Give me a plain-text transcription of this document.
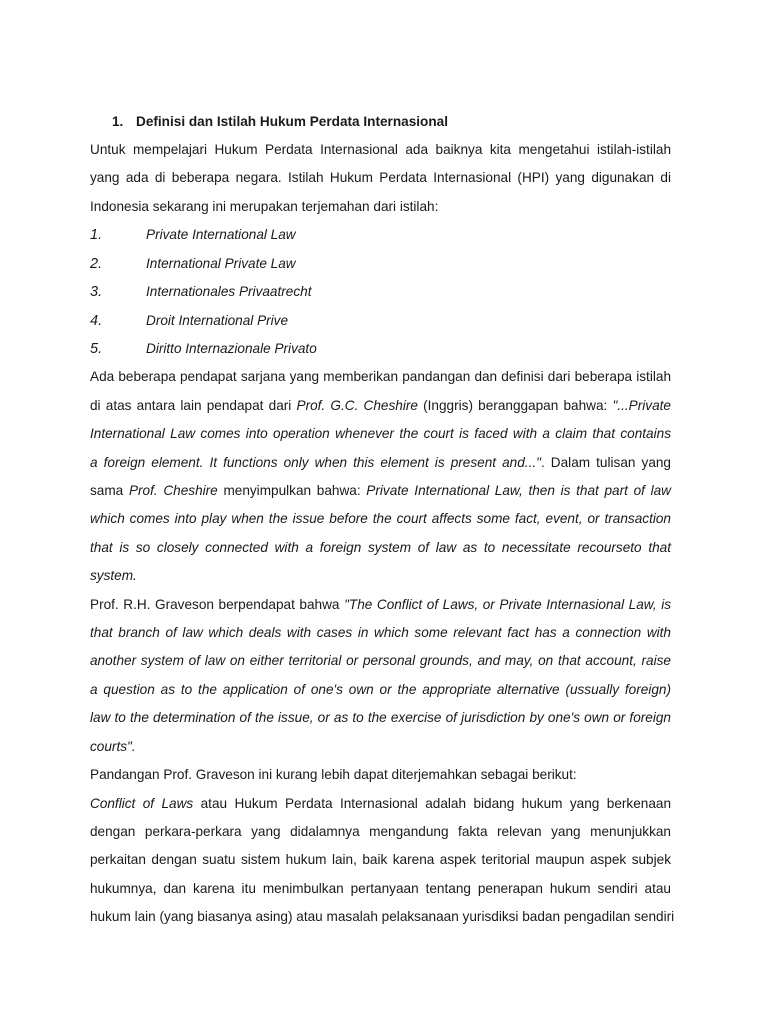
1. Definisi dan Istilah Hukum Perdata Internasional
Untuk mempelajari Hukum Perdata Internasional ada baiknya kita mengetahui istilah-istilah
yang ada di beberapa negara. Istilah Hukum Perdata Internasional (HPI) yang digunakan di
Indonesia sekarang ini merupakan terjemahan dari istilah:
1.	Private International Law
2.	International Private Law
3.	Internationales Privaatrecht
4.	Droit International Prive
5.	Diritto Internazionale Privato
Ada beberapa pendapat sarjana yang memberikan pandangan dan definisi dari beberapa istilah
di atas antara lain pendapat dari Prof. G.C. Cheshire (Inggris) beranggapan bahwa: "...Private
International Law comes into operation whenever the court is faced with a claim that contains
a foreign element. It functions only when this element is present and...". Dalam tulisan yang
sama Prof. Cheshire menyimpulkan bahwa: Private International Law, then is that part of law
which comes into play when the issue before the court affects some fact, event, or transaction
that is so closely connected with a foreign system of law as to necessitate recourseto that
system.
Prof. R.H. Graveson berpendapat bahwa "The Conflict of Laws, or Private Internasional Law, is
that branch of law which deals with cases in which some relevant fact has a connection with
another system of law on either territorial or personal grounds, and may, on that account, raise
a question as to the application of one's own or the appropriate alternative (ussually foreign)
law to the determination of the issue, or as to the exercise of jurisdiction by one's own or foreign
courts".
Pandangan Prof. Graveson ini kurang lebih dapat diterjemahkan sebagai berikut:
Conflict of Laws atau Hukum Perdata Internasional adalah bidang hukum yang berkenaan
dengan perkara-perkara yang didalamnya mengandung fakta relevan yang menunjukkan
perkaitan dengan suatu sistem hukum lain, baik karena aspek teritorial maupun aspek subjek
hukumnya, dan karena itu menimbulkan pertanyaan tentang penerapan hukum sendiri atau
hukum lain (yang biasanya asing) atau masalah pelaksanaan yurisdiksi badan pengadilan sendiri
